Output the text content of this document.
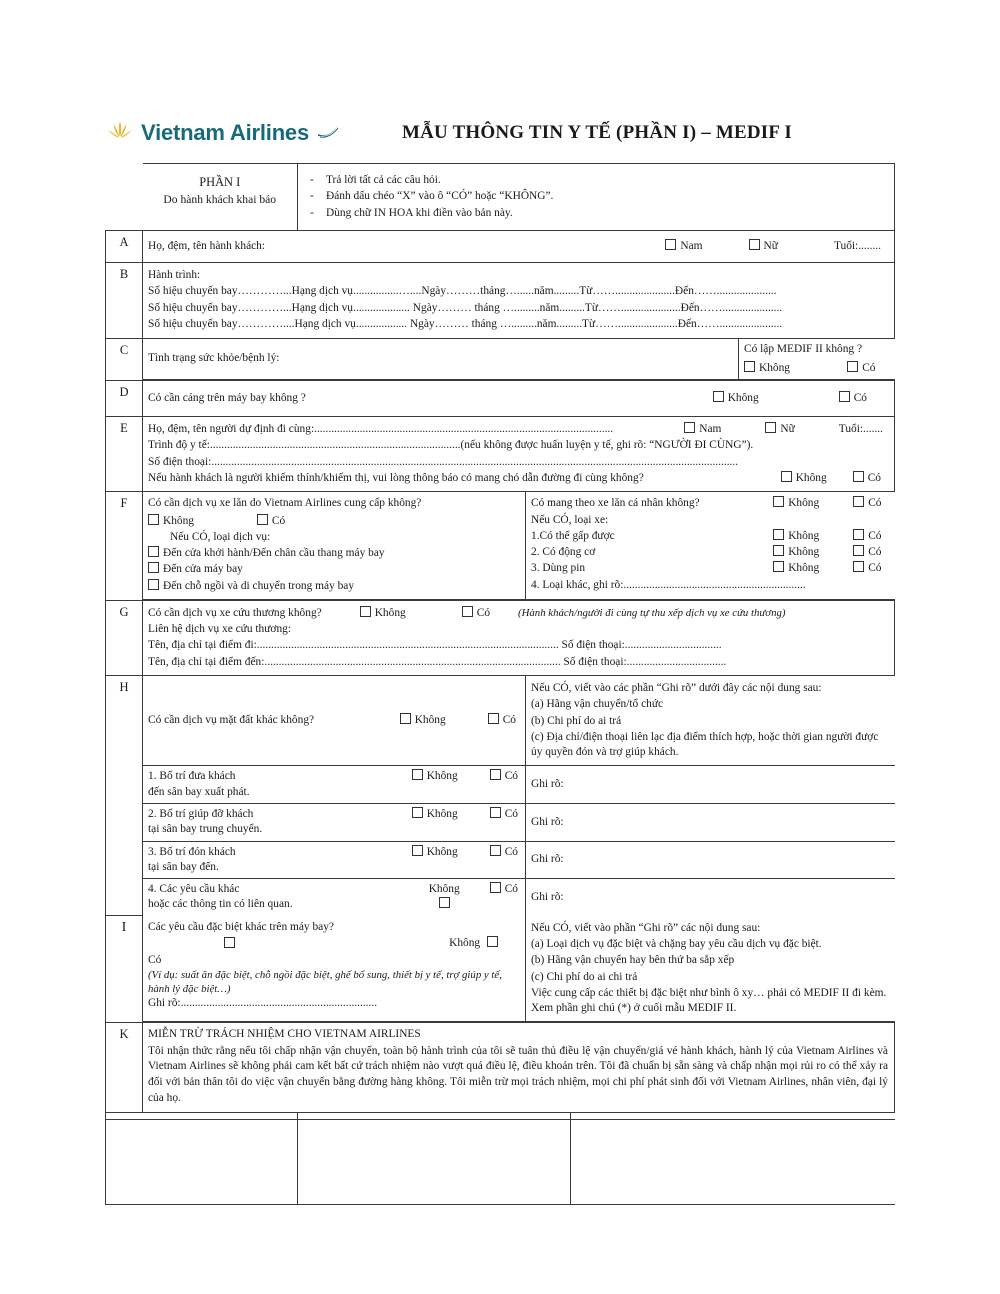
Vietnam Airlines	MẪU THÔNG TIN Y TẾ (PHẦN I) – MEDIF I

PHẦN I
Do hành khách khai báo

- Trả lời tất cả các câu hỏi.
- Đánh dấu chéo “X” vào ô “CÓ” hoặc “KHÔNG”.
- Dùng chữ IN HOA khi điền vào bản này.

A	Họ, đệm, tên hành khách:	Nam	Nữ	Tuổi:........

B	Hành trình:
Số hiệu chuyến bay…………...Hạng dịch vụ................…....Ngày………tháng…......năm.........Từ…….....................Đến…….....................
Số hiệu chuyến bay…………...Hạng dịch vụ.................... Ngày……… tháng ….........năm.........Từ…….....................Đến…….....................
Số hiệu chuyến bay…………....Hạng dịch vụ.................. Ngày……… tháng ….........năm.........Từ…….....................Đến……......................

C	
Tình trạng sức khỏe/bệnh lý:	
Có lập MEDIF II không ?
Không	Có

D	Có cần cáng trên máy bay không ?	Không	Có

E	Họ, đệm, tên người dự định đi cùng:.........................................................................................................	Nam	Nữ	Tuổi:.......
Trình độ y tế:........................................................................................(nếu không được huấn luyện y tế, ghi rõ: “NGƯỜI ĐI CÙNG”).
Số điện thoại:.........................................................................................................................................................................................
Nếu hành khách là người khiếm thính/khiếm thị, vui lòng thông báo có mang chó dẫn đường đi cùng không?	Không	Có

F	Có cần dịch vụ xe lăn do Vietnam Airlines cung cấp không?
Không	Có
Nếu CÓ, loại dịch vụ:
Đến cửa khởi hành/Đến chân cầu thang máy bay
Đến cửa máy bay
Đến chỗ ngồi và di chuyển trong máy bay

Có mang theo xe lăn cá nhân không?	Không	Có
Nếu CÓ, loại xe:
1.Có thể gấp được	Không	Có
2. Có động cơ	Không	Có
3. Dùng pin	Không	Có
4. Loại khác, ghi rõ:................................................................

G	Có cần dịch vụ xe cứu thương không?	Không	Có	(Hành khách/người đi cùng tự thu xếp dịch vụ xe cứu thương)
Liên hệ dịch vụ xe cứu thương:
Tên, địa chỉ tại điểm đi:.......................................................................................................... Số điện thoại:..................................
Tên, địa chỉ tại điểm đến:........................................................................................................ Số điện thoại:...................................

H	
Có cần dịch vụ mặt đất khác không?	Không	Có

Nếu CÓ, viết vào các phần “Ghi rõ” dưới đây các nội dung sau:
(a) Hãng vận chuyển/tổ chức
(b) Chi phí do ai trả
(c) Địa chỉ/điện thoại liên lạc địa điểm thích hợp, hoặc thời gian người được ủy quyền đón và trợ giúp khách.

1. Bố trí đưa khách
đến sân bay xuất phát.
Không	Có
	Ghi rõ:

2. Bố trí giúp đỡ khách
tại sân bay trung chuyển.
Không	Có
	Ghi rõ:

3. Bố trí đón khách
tại sân bay đến.
Không	Có
	Ghi rõ:

4. Các yêu cầu khác
hoặc các thông tin có liên quan.
Không	Có
	Ghi rõ:

I	Các yêu cầu đặc biệt khác trên máy bay?
Không
Có
(Ví dụ: suất ăn đặc biệt, chỗ ngồi đặc biệt, ghế bổ sung, thiết bị y tế, trợ giúp y tế, hành lý đặc biệt…)
Ghi rõ:.....................................................................

Nếu CÓ, viết vào phần “Ghi rõ” các nội dung sau:
(a) Loại dịch vụ đặc biệt và chặng bay yêu cầu dịch vụ đặc biệt.
(b) Hãng vận chuyển hay bên thứ ba sắp xếp
(c) Chi phí do ai chi trả
Việc cung cấp các thiết bị đặc biệt như bình ô xy… phải có MEDIF II đi kèm. Xem phần ghi chú (*) ở cuối mẫu MEDIF II.

K	MIỄN TRỪ TRÁCH NHIỆM CHO VIETNAM AIRLINES
Tôi nhận thức rằng nếu tôi chấp nhận vận chuyển, toàn bộ hành trình của tôi sẽ tuân thủ điều lệ vận chuyển/giá vé hành khách, hành lý của Vietnam Airlines và Vietnam Airlines sẽ không phải cam kết bất cứ trách nhiệm nào vượt quá điều lệ, điều khoản trên. Tôi đã chuẩn bị sẵn sàng và chấp nhận mọi rủi ro có thể xảy ra đối với bản thân tôi do việc vận chuyển bằng đường hàng không. Tôi miễn trừ mọi trách nhiệm, mọi chi phí phát sinh đối với Vietnam Airlines, nhân viên, đại lý của họ.
